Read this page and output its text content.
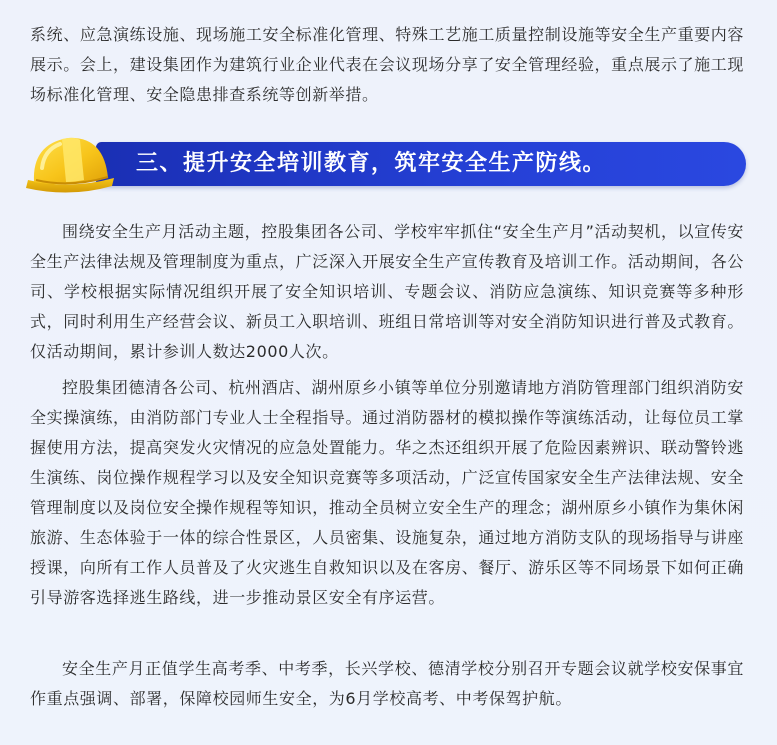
系统、应急演练设施、现场施工安全标准化管理、特殊工艺施工质量控制设施等安全生产重要内容展示。会上，建设集团作为建筑行业企业代表在会议现场分享了安全管理经验，重点展示了施工现场标准化管理、安全隐患排查系统等创新举措。

三、提升安全培训教育，筑牢安全生产防线。

围绕安全生产月活动主题，控股集团各公司、学校牢牢抓住“安全生产月”活动契机，以宣传安全生产法律法规及管理制度为重点，广泛深入开展安全生产宣传教育及培训工作。活动期间，各公司、学校根据实际情况组织开展了安全知识培训、专题会议、消防应急演练、知识竞赛等多种形式，同时利用生产经营会议、新员工入职培训、班组日常培训等对安全消防知识进行普及式教育。仅活动期间，累计参训人数达2000人次。

控股集团德清各公司、杭州酒店、湖州原乡小镇等单位分别邀请地方消防管理部门组织消防安全实操演练，由消防部门专业人士全程指导。通过消防器材的模拟操作等演练活动，让每位员工掌握使用方法，提高突发火灾情况的应急处置能力。华之杰还组织开展了危险因素辨识、联动警铃逃生演练、岗位操作规程学习以及安全知识竞赛等多项活动，广泛宣传国家安全生产法律法规、安全管理制度以及岗位安全操作规程等知识，推动全员树立安全生产的理念；湖州原乡小镇作为集休闲旅游、生态体验于一体的综合性景区，人员密集、设施复杂，通过地方消防支队的现场指导与讲座授课，向所有工作人员普及了火灾逃生自救知识以及在客房、餐厅、游乐区等不同场景下如何正确引导游客选择逃生路线，进一步推动景区安全有序运营。

安全生产月正值学生高考季、中考季，长兴学校、德清学校分别召开专题会议就学校安保事宜作重点强调、部署，保障校园师生安全，为6月学校高考、中考保驾护航。
